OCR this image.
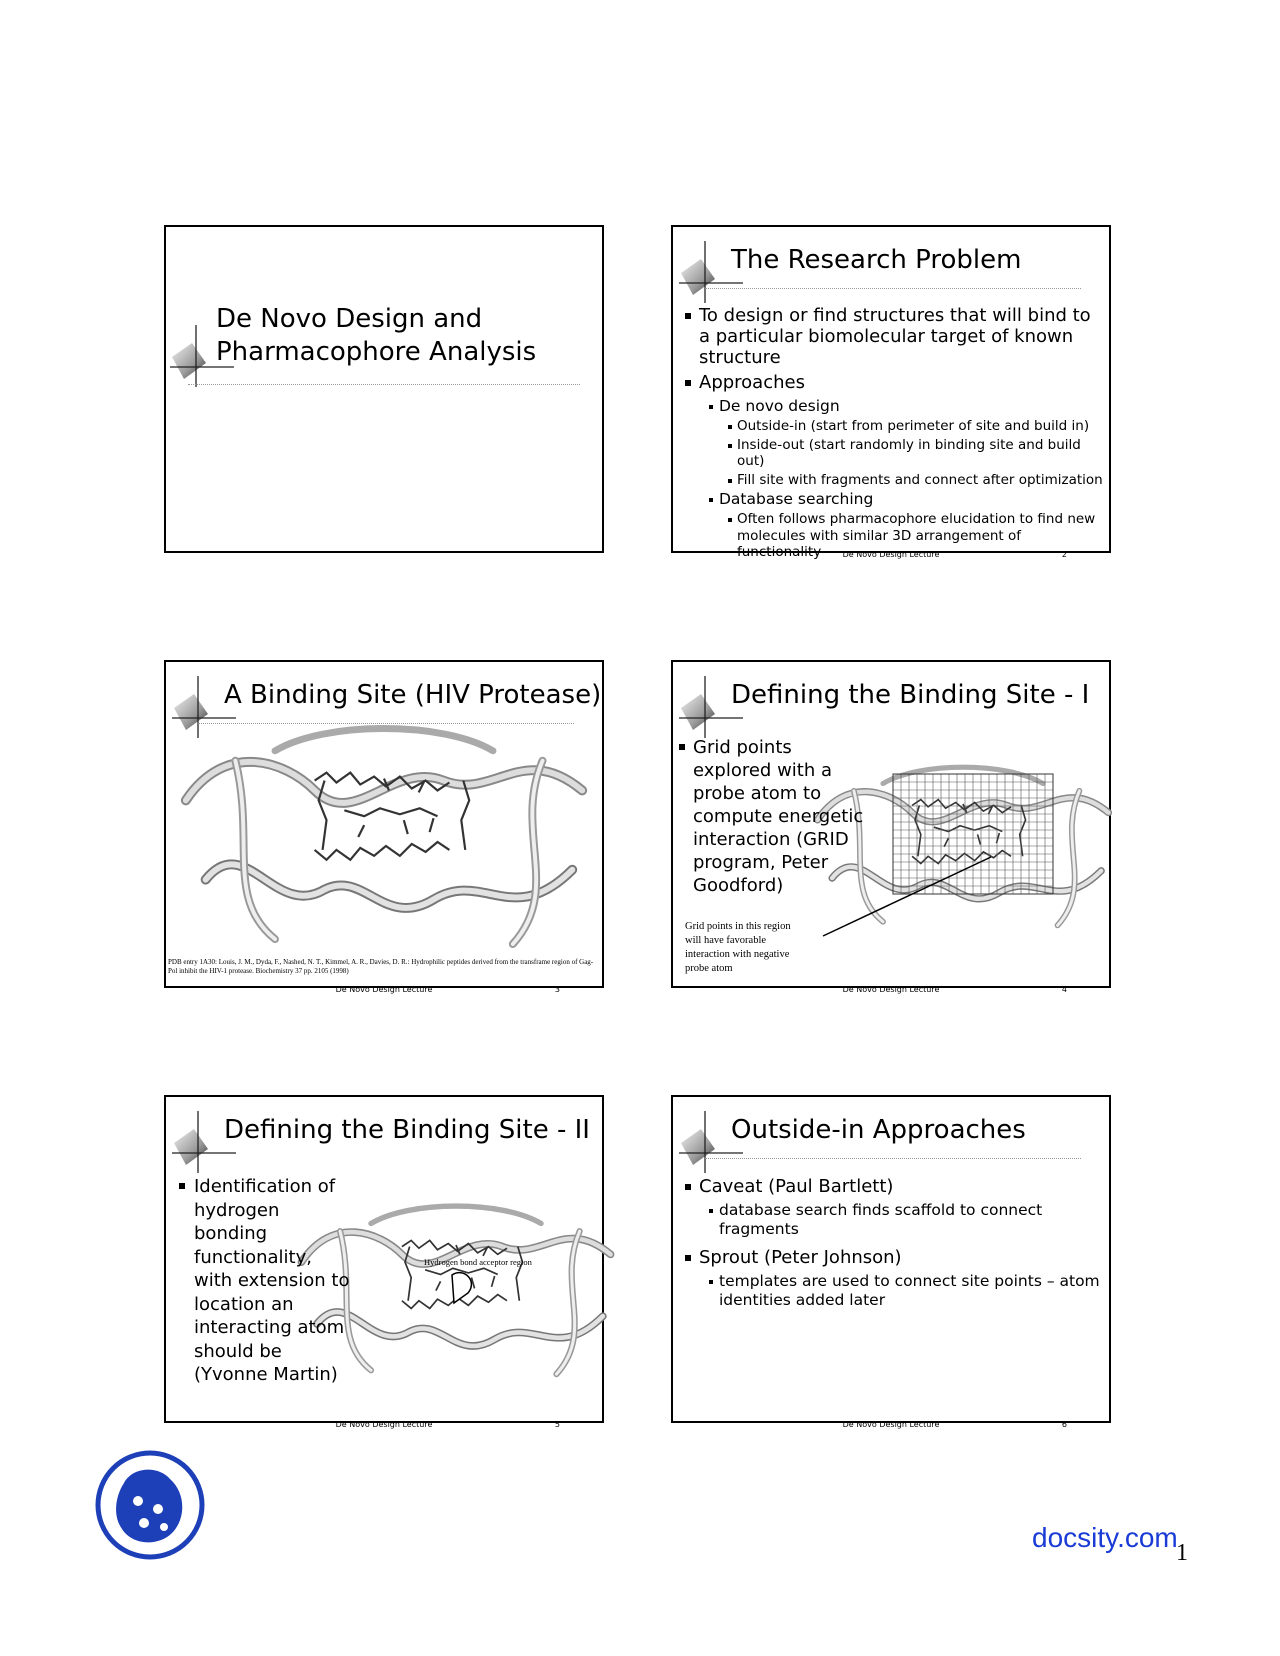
De Novo Design and
Pharmacophore Analysis
The Research Problem
To design or find structures that will bind to a particular biomolecular target of known structure
Approaches
De novo design
Outside-in (start from perimeter of site and build in)
Inside-out (start randomly in binding site and build out)
Fill site with fragments and connect after optimization
Database searching
Often follows pharmacophore elucidation to find new molecules with similar 3D arrangement of functionality	De Novo Design Lecture	2
A Binding Site (HIV Protease)
PDB entry 1A30: Louis, J. M., Dyda, F., Nashed, N. T., Kimmel, A. R., Davies, D. R.: Hydrophilic peptides derived from the transframe region of Gag-Pol inhibit the HIV-1 protease. Biochemistry 37 pp. 2105 (1998)
De Novo Design Lecture	3
Defining the Binding Site - I
Grid points
explored with a
probe atom to
compute energetic
interaction (GRID
program, Peter
Goodford)
Grid points in this region
will have favorable
interaction with negative
probe atom
De Novo Design Lecture	4
Defining the Binding Site - II
Hydrogen bond acceptor region
Identification of
hydrogen
bonding
functionality,
with extension to
location an
interacting atom
should be
(Yvonne Martin)
De Novo Design Lecture	5
Outside-in Approaches
Caveat (Paul Bartlett)
database search finds scaffold to connect fragments
Sprout (Peter Johnson)
templates are used to connect site points – atom identities added later
De Novo Design Lecture	6
docsity.com
1
